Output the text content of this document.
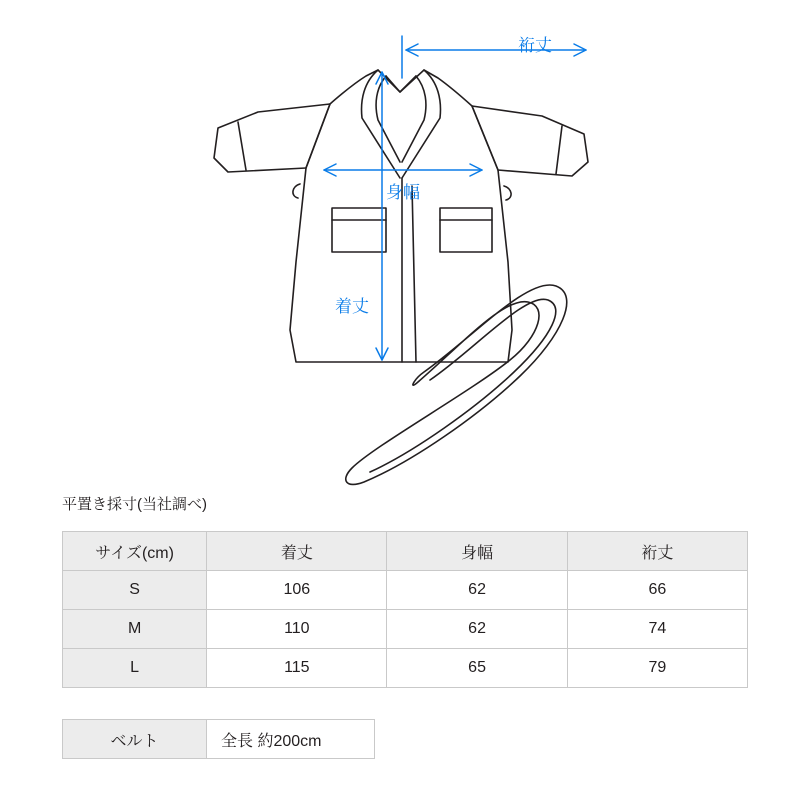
裄丈
身幅
着丈
平置き採寸(当社調べ)
サイズ(cm)	着丈	身幅	裄丈
S	106	62	66
M	110	62	74
L	115	65	79
ベルト	全長 約200cm
